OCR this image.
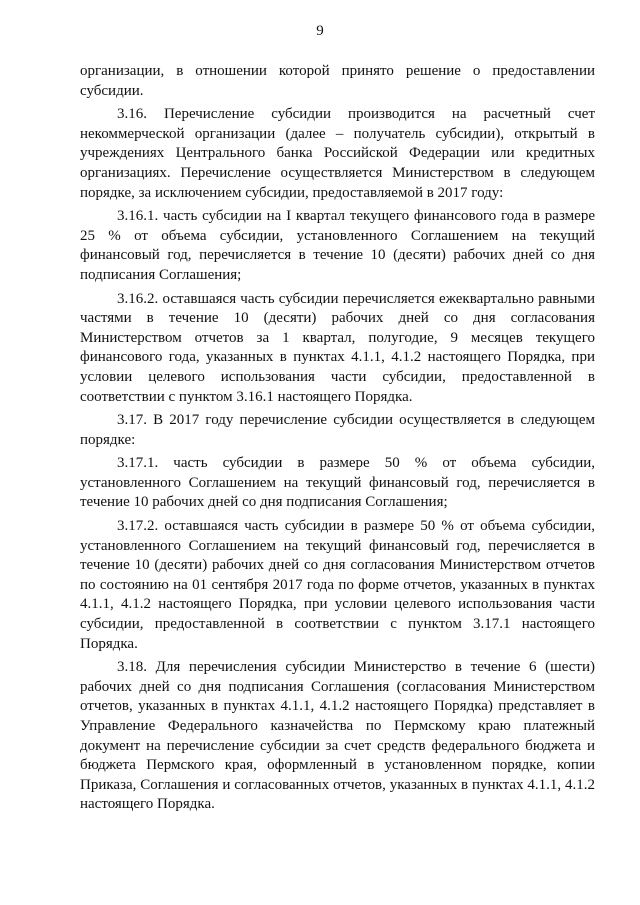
9

организации, в отношении которой принято решение о предоставлении субсидии.

3.16. Перечисление субсидии производится на расчетный счет некоммерческой организации (далее – получатель субсидии), открытый в учреждениях Центрального банка Российской Федерации или кредитных организациях. Перечисление осуществляется Министерством в следующем порядке, за исключением субсидии, предоставляемой в 2017 году:

3.16.1. часть субсидии на I квартал текущего финансового года в размере 25 % от объема субсидии, установленного Соглашением на текущий финансовый год, перечисляется в течение 10 (десяти) рабочих дней со дня подписания Соглашения;

3.16.2. оставшаяся часть субсидии перечисляется ежеквартально равными частями в течение 10 (десяти) рабочих дней со дня согласования Министерством отчетов за 1 квартал, полугодие, 9 месяцев текущего финансового года, указанных в пунктах 4.1.1, 4.1.2 настоящего Порядка, при условии целевого использования части субсидии, предоставленной в соответствии с пунктом 3.16.1 настоящего Порядка.

3.17. В 2017 году перечисление субсидии осуществляется в следующем порядке:

3.17.1. часть субсидии в размере 50 % от объема субсидии, установленного Соглашением на текущий финансовый год, перечисляется в течение 10 рабочих дней со дня подписания Соглашения;

3.17.2. оставшаяся часть субсидии в размере 50 % от объема субсидии, установленного Соглашением на текущий финансовый год, перечисляется в течение 10 (десяти) рабочих дней со дня согласования Министерством отчетов по состоянию на 01 сентября 2017 года по форме отчетов, указанных в пунктах 4.1.1, 4.1.2 настоящего Порядка, при условии целевого использования части субсидии, предоставленной в соответствии с пунктом 3.17.1 настоящего Порядка.

3.18. Для перечисления субсидии Министерство в течение 6 (шести) рабочих дней со дня подписания Соглашения (согласования Министерством отчетов, указанных в пунктах 4.1.1, 4.1.2 настоящего Порядка) представляет в Управление Федерального казначейства по Пермскому краю платежный документ на перечисление субсидии за счет средств федерального бюджета и бюджета Пермского края, оформленный в установленном порядке, копии Приказа, Соглашения и согласованных отчетов, указанных в пунктах 4.1.1, 4.1.2 настоящего Порядка.
